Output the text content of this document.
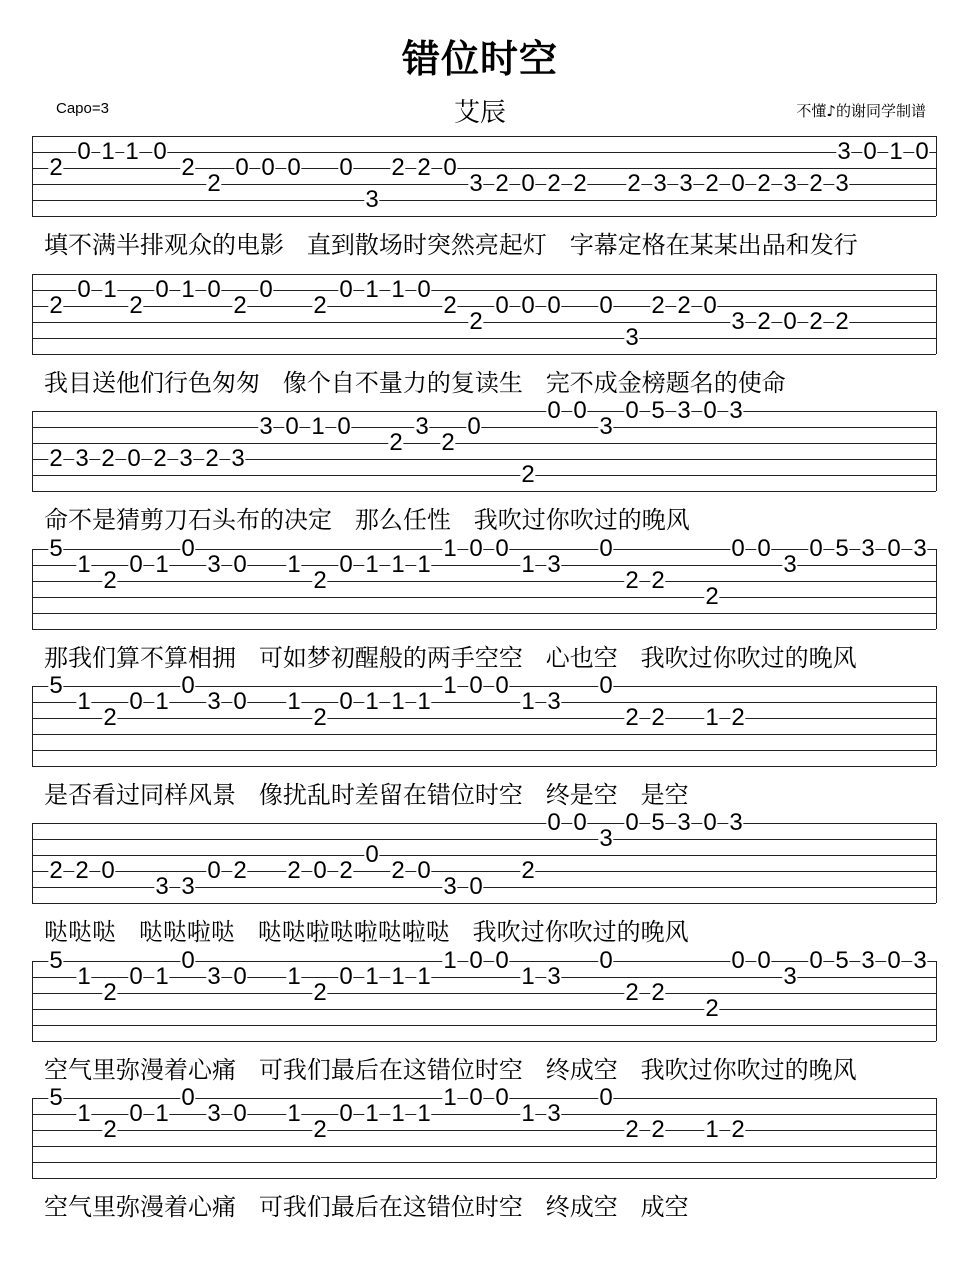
错位时空
艾辰
Capo=3	不懂♪的谢同学制谱
2
0 1 1 0
2
2
0 0 0 0
3
2 2 0
3 2 0 2 2 2 3 3 2 0 2 3 2 3
3 0 1 0
填不满半排观众的电影   直到散场时突然亮起灯   字幕定格在某某出品和发行
2
0 1
2
0 1 0
2
0
2
0 1 1 0
2
2
0 0 0 0
3
2 2 0
3 2 0 2 2
我目送他们行色匆匆   像个自不量力的复读生   完不成金榜题名的使命
2 3 2 0 2 3 2 3
3 0 1 0
2
3
2
0
2
0 0
3
0 5 3 0 3
命不是猜剪刀石头布的决定   那么任性   我吹过你吹过的晚风
5
1
2
0 1
0
3 0 1
2
0 1 1 1
1 0 0
1 3
0
2 2
2
0 0
3
0 5 3 0 3
那我们算不算相拥   可如梦初醒般的两手空空   心也空   我吹过你吹过的晚风
5
1
2
0 1
0
3 0 1
2
0 1 1 1
1 0 0
1 3
0
2 2 1 2
是否看过同样风景   像扰乱时差留在错位时空   终是空   是空
2 2 0
3 3
0 2 2 0 2
0
2 0
3 0
2
0 0
3
0 5 3 0 3
哒哒哒   哒哒啦哒   哒哒啦哒啦哒啦哒   我吹过你吹过的晚风
5
1
2
0 1
0
3 0 1
2
0 1 1 1
1 0 0
1 3
0
2 2
2
0 0
3
0 5 3 0 3
空气里弥漫着心痛   可我们最后在这错位时空   终成空   我吹过你吹过的晚风
5
1
2
0 1
0
3 0 1
2
0 1 1 1
1 0 0
1 3
0
2 2 1 2
空气里弥漫着心痛   可我们最后在这错位时空   终成空   成空
